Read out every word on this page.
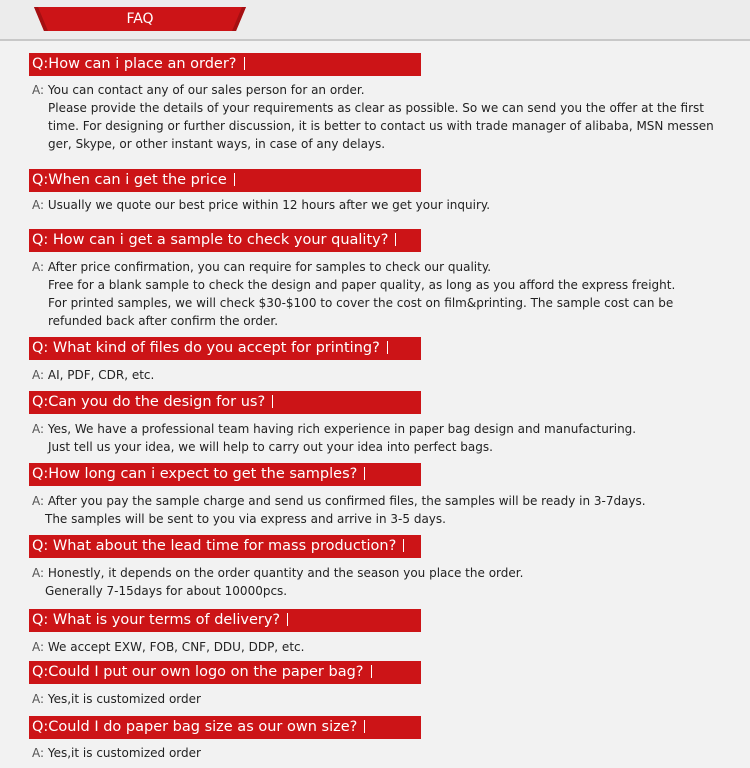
FAQ
Q:How can i place an order?
A: You can contact any of our sales person for an order.
Please provide the details of your requirements as clear as possible. So we can send you the offer at the first
time. For designing or further discussion, it is better to contact us with trade manager of alibaba, MSN messen
ger, Skype, or other instant ways, in case of any delays.
Q:When can i get the price
A: Usually we quote our best price within 12 hours after we get your inquiry.
Q: How can i get a sample to check your quality?
A: After price confirmation, you can require for samples to check our quality.
Free for a blank sample to check the design and paper quality, as long as you afford the express freight.
For printed samples, we will check $30-$100 to cover the cost on film&printing. The sample cost can be
refunded back after confirm the order.
Q: What kind of files do you accept for printing?
A: AI, PDF, CDR, etc.
Q:Can you do the design for us?
A: Yes, We have a professional team having rich experience in paper bag design and manufacturing.
Just tell us your idea, we will help to carry out your idea into perfect bags.
Q:How long can i expect to get the samples?
A: After you pay the sample charge and send us confirmed files, the samples will be ready in 3-7days.
The samples will be sent to you via express and arrive in 3-5 days.
Q: What about the lead time for mass production?
A: Honestly, it depends on the order quantity and the season you place the order.
Generally 7-15days for about 10000pcs.
Q: What is your terms of delivery?
A: We accept EXW, FOB, CNF, DDU, DDP, etc.
Q:Could I put our own logo on the paper bag?
A: Yes,it is customized order
Q:Could I do paper bag size as our own size?
A: Yes,it is customized order
